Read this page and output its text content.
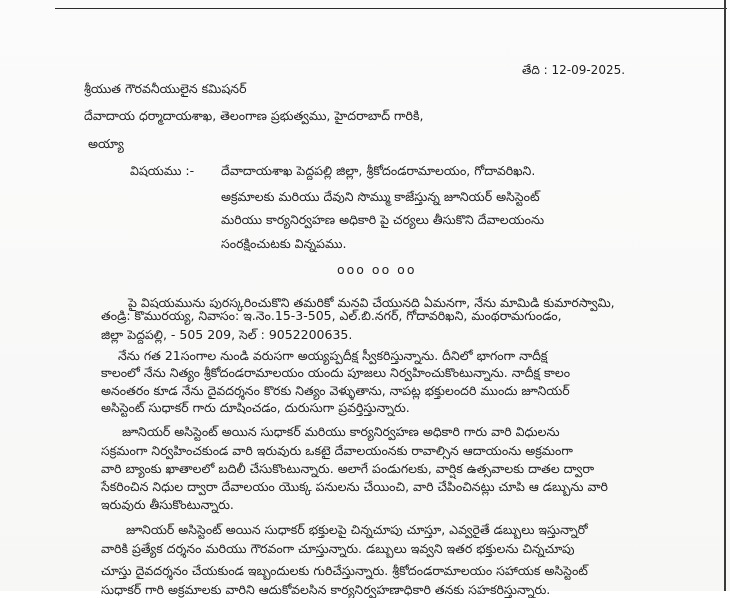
తేది : 12-09-2025.
శ్రీయుత గౌరవనీయులైన కమిషనర్
దేవాదాయ ధర్మాదాయశాఖ, తెలంగాణ ప్రభుత్వము, హైదరాబాద్ గారికి,
అయ్యా
విషయము :- దేవాదాయశాఖ పెద్దపల్లి జిల్లా, శ్రీకోదండరామాలయం, గోదావరిఖని.
అక్రమాలకు మరియు దేవుని సొమ్ము కాజేస్తున్న జూనియర్ అసిస్టెంట్
మరియు కార్యనిర్వహణ అధికారి పై చర్యలు తీసుకొని దేవాలయంను
సంరక్షించుటకు విన్నపము.
ooo oo oo
పై విషయమును పురస్కరించుకొని తమరికో మనవి చేయునది ఏమనగా, నేను మామిడి కుమారస్వామి,
తండ్రి: కొమురయ్య, నివాసం: ఇ.నెం.15-3-505, ఎల్.బి.నగర్, గోదావరిఖని, మంథరామగుండం,
జిల్లా పెద్దపల్లి, - 505 209, సెల్ : 9052200635.
నేను గత 21సంగాల నుండి వరుసగా అయ్యప్పదీక్ష స్వీకరిస్తున్నాను. దీనిలో భాగంగా నాదీక్ష
కాలంలో నేను నిత్యం శ్రీకోదండరామాలయం యందు పూజలు నిర్వహించుకొంటున్నాను. నాదీక్ష కాలం
అనంతరం కూడ నేను దైవదర్శనం కొరకు నిత్యం వెళ్ళుతాను, నాపట్ల భక్తులందరి ముందు జూనియర్
అసిస్టెంట్ సుధాకర్ గారు దూషించడం, దురుసుగా ప్రవర్తిస్తున్నారు.
జూనియర్ అసిస్టెంట్ అయిన సుధాకర్ మరియు కార్యనిర్వహణ అధికారి గారు వారి విధులను
సక్రమంగా నిర్వహించకుండ వారి ఇరువురు ఒకటై దేవాలయంనకు రావాల్సిన ఆదాయంను అక్రమంగా
వారి బ్యాంకు ఖాతాలలో బదిలీ చేసుకొంటున్నారు. అలాగే పండుగలకు, వార్షిక ఉత్సవాలకు దాతల ద్వారా
సేకరించిన నిధుల ద్వారా దేవాలయం యొక్క పనులను చేయించి, వారి చేపించినట్లు చూపి ఆ డబ్బును వారి
ఇరువురు తీసుకొంటున్నారు.
జూనియర్ అసిస్టెంట్ అయిన సుధాకర్ భక్తులపై చిన్నచూపు చూస్తూ, ఎవ్వరైతే డబ్బులు ఇస్తున్నారో
వారికి ప్రత్యేక దర్శనం మరియు గౌరవంగా చూస్తున్నారు. డబ్బులు ఇవ్వని ఇతర భక్తులను చిన్నచూపు
చూస్తు దైవదర్శనం చేయకుండ ఇబ్బందులకు గురిచేస్తున్నారు. శ్రీకోదండరామాలయం సహాయక అసిస్టెంట్
సుధాకర్ గారి అక్రమాలకు వారిని ఆదుకోవలసిన కార్యనిర్వహణాధికారి తనకు సహకరిస్తున్నారు.
